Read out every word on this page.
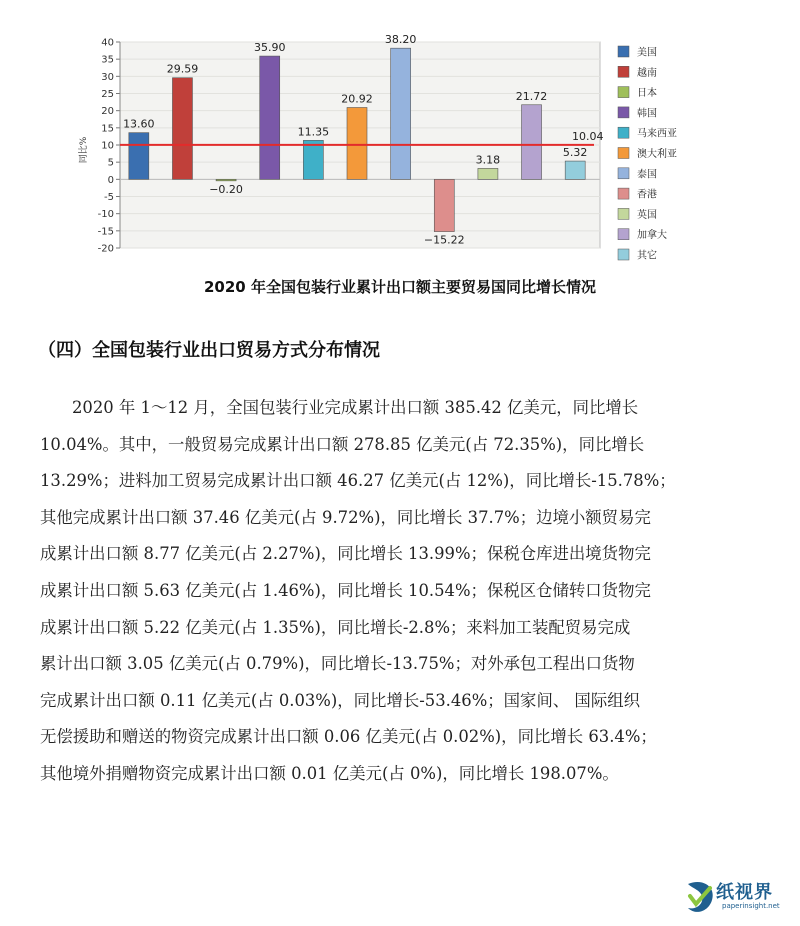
40
35
30
25
20
15
10
5
0
-5
-10
-15
-20
13.60
29.59
−0.20
35.90
11.35
20.92
38.20
−15.22
3.18
21.72
5.32
10.04
美国
越南
日本
韩国
马来西亚
澳大利亚
泰国
香港
英国
加拿大
其它
同比%
2020 年全国包装行业累计出口额主要贸易国同比增长情况
（四）全国包装行业出口贸易方式分布情况

2020 年 1～12 月，全国包装行业完成累计出口额 385.42 亿美元，同比增长

10.04%。其中，一般贸易完成累计出口额 278.85 亿美元(占 72.35%)，同比增长

13.29%；进料加工贸易完成累计出口额 46.27 亿美元(占 12%)，同比增长-15.78%；

其他完成累计出口额 37.46 亿美元(占 9.72%)，同比增长 37.7%；边境小额贸易完

成累计出口额 8.77 亿美元(占 2.27%)，同比增长 13.99%；保税仓库进出境货物完

成累计出口额 5.63 亿美元(占 1.46%)，同比增长 10.54%；保税区仓储转口货物完

成累计出口额 5.22 亿美元(占 1.35%)，同比增长-2.8%；来料加工装配贸易完成

累计出口额 3.05 亿美元(占 0.79%)，同比增长-13.75%；对外承包工程出口货物

完成累计出口额 0.11 亿美元(占 0.03%)，同比增长-53.46%；国家间、 国际组织

无偿援助和赠送的物资完成累计出口额 0.06 亿美元(占 0.02%)，同比增长 63.4%；

其他境外捐赠物资完成累计出口额 0.01 亿美元(占 0%)，同比增长 198.07%。

纸视界
paperinsight.net
